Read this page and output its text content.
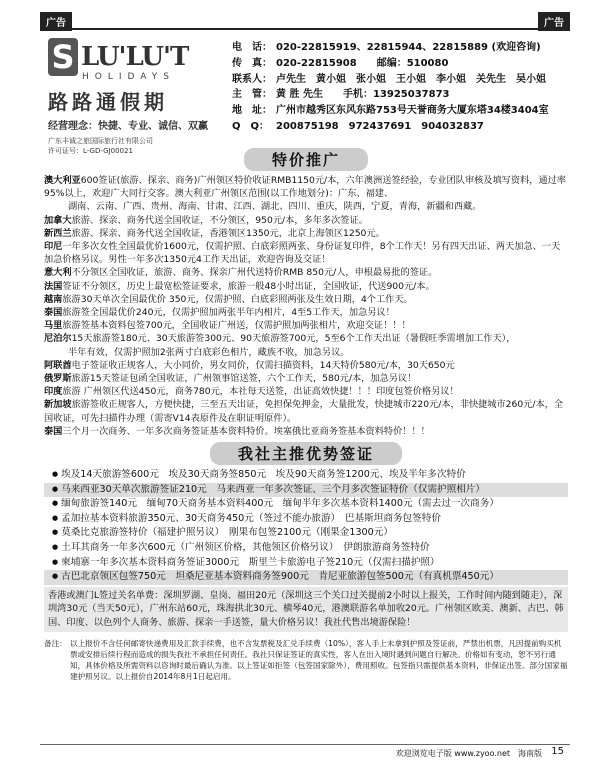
广告	广告
S LU'LU'T
HOLIDAYS
路路通假期
经营理念：快捷、专业、诚信、双赢
广东丰诚之旅国际旅行社有限公司
许可证号：L-GD-GJ00021
电　话： 020-22815919、22815944、22815889 (欢迎咨询)
传　真： 020-22815908　　邮编：510080
联系人： 卢先生　黄小姐　张小姐　王小姐　李小姐　关先生　吴小姐
主　管： 黄 胜 先生　　手机：13925037873
地　址： 广州市越秀区东风东路753号天誉商务大厦东塔34楼3404室
Q　Q： 200875198　972437691　904032837
特价推广

澳大利亚600签证(旅游、探亲、商务)广州领区特价收证RMB1150元/本，六年澳洲送签经验，专业团队审核及填写资料，通过率95%以上，欢迎广大同行交客。澳大利亚广州领区范围(以工作地划分)：广东、福建、

湖南、云南、广西、贵州、海南、甘肃、江西、湖北、四川、重庆，陕西，宁夏，青海，新疆和西藏。

加拿大旅游、探亲、商务代送全国收证，不分领区，950元/本，多年多次签证。

新西兰旅游、探亲、商务代送全国收证，香港领区1350元，北京上海领区1250元。

印尼一年多次女性全国最优价1600元，仅需护照、白底彩照两张、身份证复印件，8个工作天！另有四天出证、两天加急、一天加急价格另议。男性一年多次1350元4工作天出证，欢迎咨询及交证！

意大利不分领区全国收证，旅游、商务、探亲广州代送特价RMB 850元/人，申根最易批的签证。

法国签证不分领区，历史上最宽松签证要求，旅游一般48小时出证，全国收证，代送900元/本。

越南旅游30天单次全国最优价 350元，仅需护照、白底彩照两张及生效日期，4个工作天。

泰国旅游签全国最优价240元，仅需护照加两张半年内相片，4至5工作天，加急另议！

马里旅游签基本资料包签700元，全国收证广州送，仅需护照加两张相片，欢迎交证！！！

尼泊尔15天旅游签180元、30天旅游签300元、90天旅游签700元，5至6个工作天出证（暑假旺季需增加工作天），

半年有效，仅需护照加2张两寸白底彩色相片，藏族不收，加急另议。

阿联酋电子签证收正规客人，大小同价，男女同价，仅需扫描资料，14天特价580元/本，30天650元

俄罗斯旅游15天签证包函全国收证，广州领事馆送签，六个工作天，580元/本，加急另议！

印度旅游 广州领区代送450元，商务780元，本社每天送签，出证高效快捷！！！印度包签价格另议！

新加坡旅游签收正规客人，方便快捷，三至五天出证，免担保免押金，大量批发，快捷城市220元/本，非快捷城市260元/本，全国收证，可先扫描件办理（需寄V14表原件及在职证明原件）。

泰国三个月一次商务、一年多次商务签证基本资料特价。埃塞俄比亚商务签基本资料特价！！！

我社主推优势签证
● 埃及14天旅游签600元　埃及30天商务签850元　埃及90天商务签1200元、埃及半年多次特价
● 马来西亚30天单次旅游签证210元　马来西亚一年多次签证、三个月多次签证特价（仅需护照相片）
● 缅甸旅游签140元　缅甸70天商务基本资料400元　缅甸半年多次基本资料1400元（需去过一次商务）
● 孟加拉基本资料旅游350元、30天商务450元（签过不能办旅游）　巴基斯坦商务包签特价
● 莫桑比克旅游签特价（福建护照另议）　刚果布包签2100元（刚果金1300元）
● 土耳其商务一年多次600元（广州领区价格，其他领区价格另议）　伊朗旅游商务签特价
● 柬埔寨一年多次基本资料商务签证3000元　斯里兰卡旅游电子签210元（仅需扫描护照）
● 古巴北京领区包签750元　坦桑尼亚基本资料商务签900元　肯尼亚旅游包签500元（有真机票450元）
香港或澳门L签过关名单费：深圳罗湖、皇岗、福田20元（深圳这三个关口过关提前2小时以上报关，工作时间内随到随走），深圳湾30元（当天50元），广州东站60元，珠海拱北30元、横琴40元，港澳联游名单加收20元。广州领区欧美、澳新、古巴、韩国、印度、以色列个人商务、旅游、探亲一手送签，量大价格另议！我社代售出境游保险！
备注： 以上报价不含任何邮寄快递费用及汇款手续费，也不含发票税及汇兑手续费（10%），客人手上未拿到护照及签证前，严禁出机票，凡因提前购买机票或安排后续行程而造成的损失我社不承担任何责任。我社只保证签证的真实性，客人在出入境时遇到问题自行解决。价格如有变动，恕不另行通知，具体价格及所需资料以咨询时最后确认为准。以上签证如拒签（包签国家除外），费用照收。包签指只需提供基本资料，非保证出签。部分国家福建护照另议。以上报价自2014年8月1日起启用。
欢迎浏览电子版 www.zyoo.net　海南版 15
